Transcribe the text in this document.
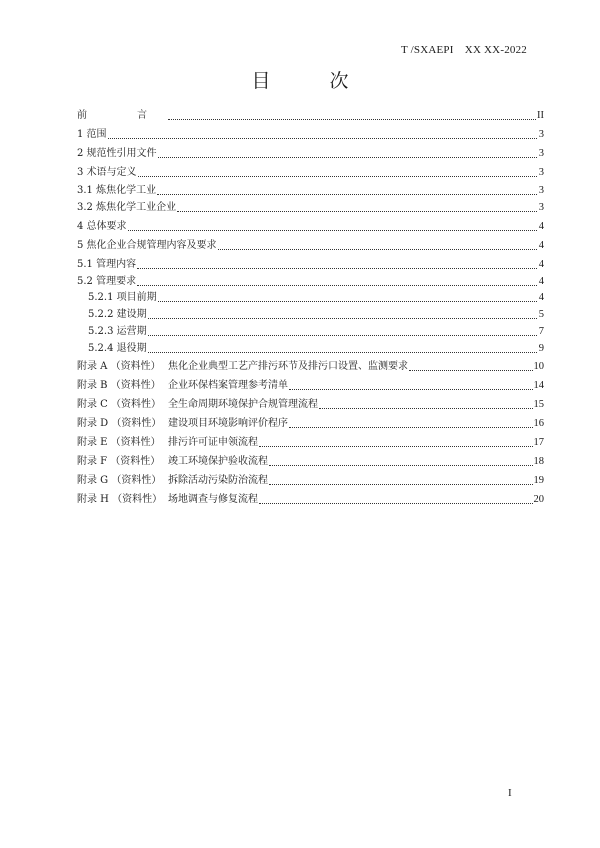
T /SXAEPI　XX XX-2022
目　次
前　言	II
1 范围	3
2 规范性引用文件	3
3 术语与定义	3
3.1 炼焦化学工业	3
3.2 炼焦化学工业企业	3
4 总体要求	4
5 焦化企业合规管理内容及要求	4
5.1 管理内容	4
5.2 管理要求	4
5.2.1 项目前期	4
5.2.2 建设期	5
5.2.3 运营期	7
5.2.4 退役期	9
附录 A （资料性） 焦化企业典型工艺产排污环节及排污口设置、监测要求	10
附录 B （资料性） 企业环保档案管理参考清单	14
附录 C （资料性） 全生命周期环境保护合规管理流程	15
附录 D （资料性） 建设项目环境影响评价程序	16
附录 E （资料性） 排污许可证申领流程	17
附录 F （资料性） 竣工环境保护验收流程	18
附录 G （资料性） 拆除活动污染防治流程	19
附录 H （资料性） 场地调查与修复流程	20
I
